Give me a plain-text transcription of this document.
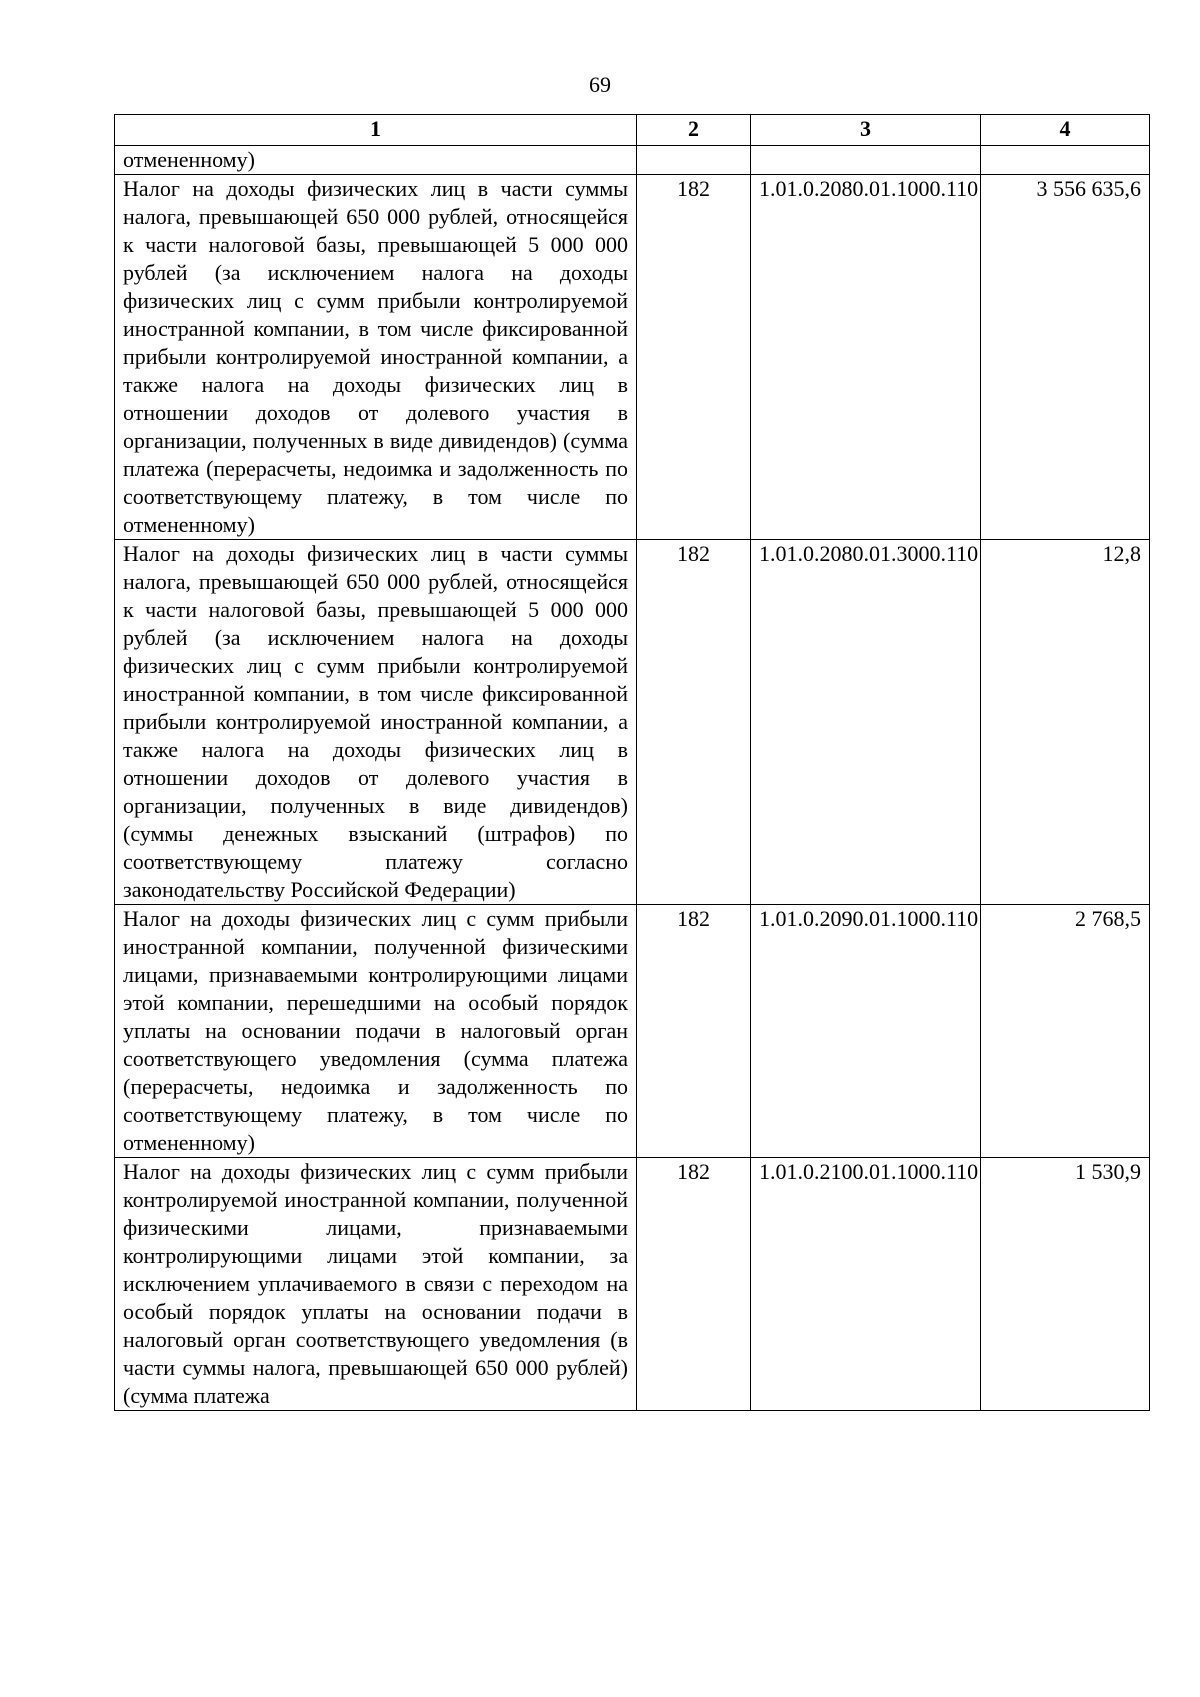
69
1	2	3	4

отмененному)			

Налог на доходы физических лиц в части суммы налога, превышающей 650 000 рублей, относящейся к части налоговой базы, превышающей 5 000 000 рублей (за исключением налога на доходы физических лиц с сумм прибыли контролируемой иностранной компании, в том числе фиксированной прибыли контролируемой иностранной компании, а также налога на доходы физических лиц в отношении доходов от долевого участия в организации, полученных в виде дивидендов) (сумма платежа (перерасчеты, недоимка и задолженность по соответствующему платежу, в том числе по отмененному)	182	1.01.0.2080.01.1000.110	3 556 635,6

Налог на доходы физических лиц в части суммы налога, превышающей 650 000 рублей, относящейся к части налоговой базы, превышающей 5 000 000 рублей (за исключением налога на доходы физических лиц с сумм прибыли контролируемой иностранной компании, в том числе фиксированной прибыли контролируемой иностранной компании, а также налога на доходы физических лиц в отношении доходов от долевого участия в организации, полученных в виде дивидендов) (суммы денежных взысканий (штрафов) по соответствующему платежу согласно законодательству Российской Федерации)	182	1.01.0.2080.01.3000.110	12,8

Налог на доходы физических лиц с сумм прибыли иностранной компании, полученной физическими лицами, признаваемыми контролирующими лицами этой компании, перешедшими на особый порядок уплаты на основании подачи в налоговый орган соответствующего уведомления (сумма платежа (перерасчеты, недоимка и задолженность по соответствующему платежу, в том числе по отмененному)	182	1.01.0.2090.01.1000.110	2 768,5

Налог на доходы физических лиц с сумм прибыли контролируемой иностранной компании, полученной физическими лицами, признаваемыми контролирующими лицами этой компании, за исключением уплачиваемого в связи с переходом на особый порядок уплаты на основании подачи в налоговый орган соответствующего уведомления (в части суммы налога, превышающей 650 000 рублей) (сумма платежа	182	1.01.0.2100.01.1000.110	1 530,9
